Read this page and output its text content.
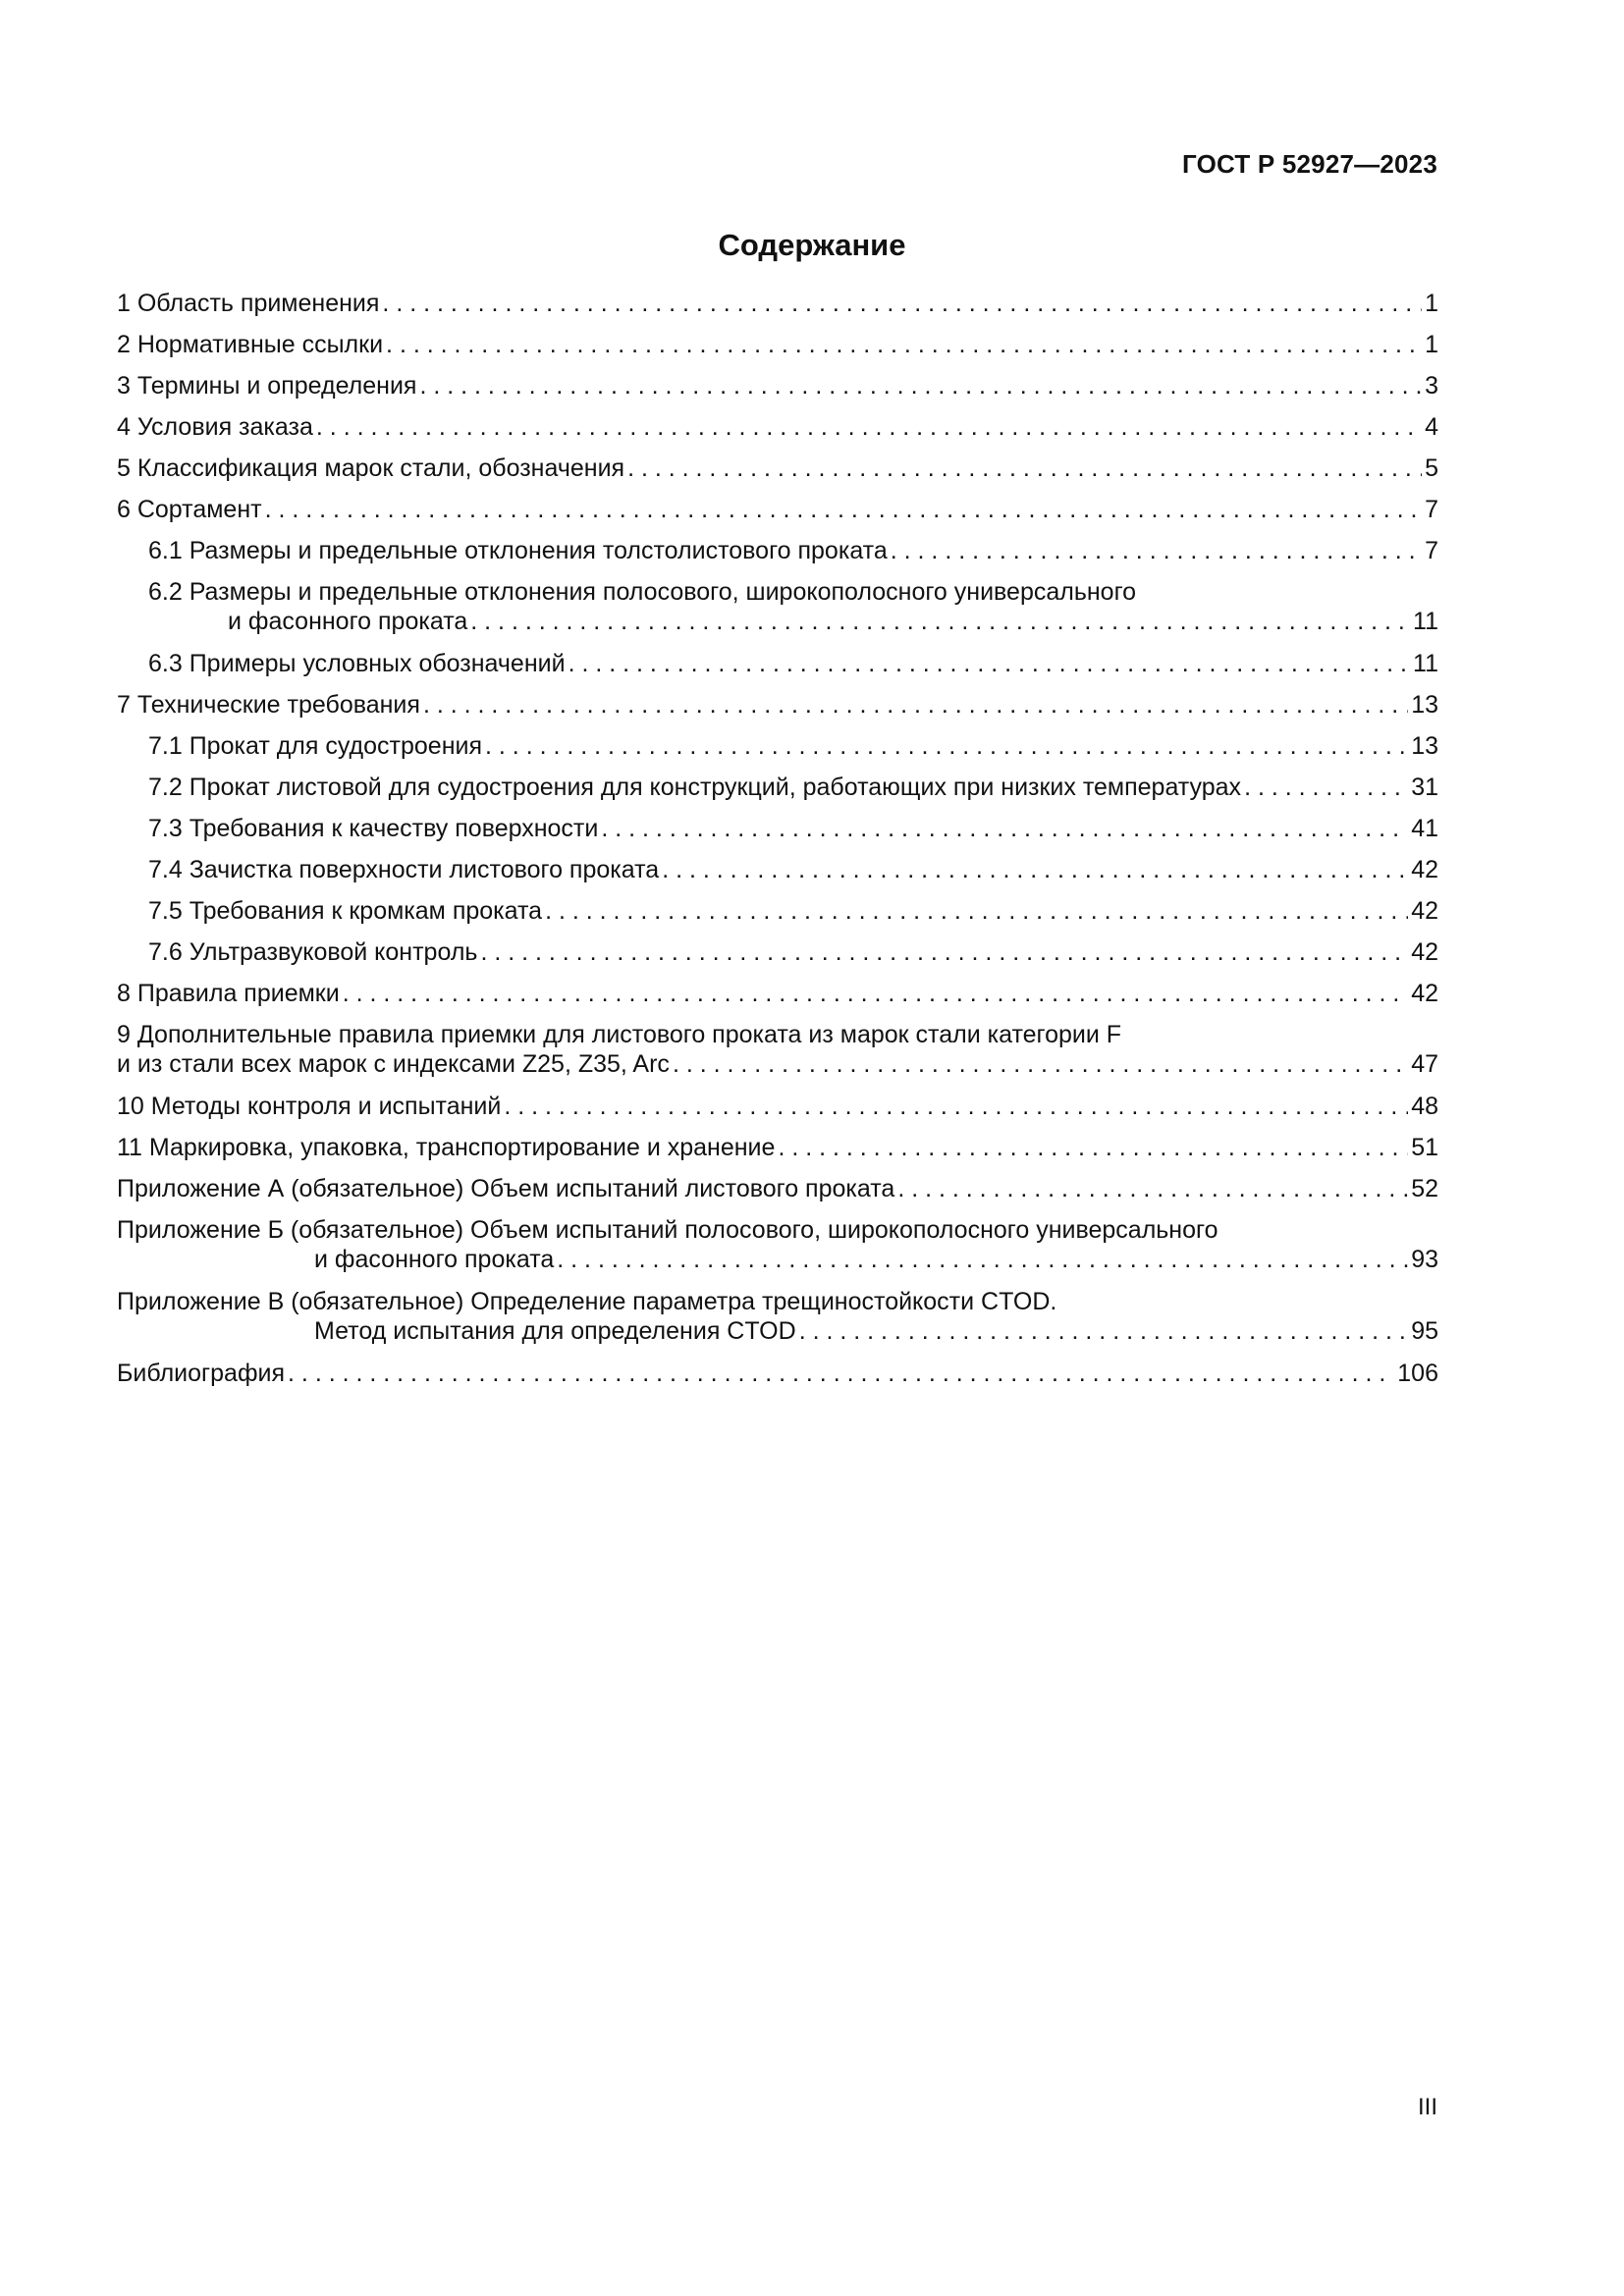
ГОСТ Р 52927—2023
Содержание
1 Область применения . . .	1
2 Нормативные ссылки . . .	1
3 Термины и определения . . .	3
4 Условия заказа . . .	4
5 Классификация марок стали, обозначения . . .	5
6 Сортамент . . .	7
6.1 Размеры и предельные отклонения толстолистового проката . . .	7
6.2 Размеры и предельные отклонения полосового, широкополосного универсального
и фасонного проката . . .	11
6.3 Примеры условных обозначений . . .	11
7 Технические требования . . .	13
7.1 Прокат для судостроения . . .	13
7.2 Прокат листовой для судостроения для конструкций, работающих при низких температурах . . .	31
7.3 Требования к качеству поверхности . . .	41
7.4 Зачистка поверхности листового проката . . .	42
7.5 Требования к кромкам проката . . .	42
7.6 Ультразвуковой контроль . . .	42
8 Правила приемки . . .	42
9 Дополнительные правила приемки для листового проката из марок стали категории F
и из стали всех марок с индексами Z25, Z35, Arc . . .	47
10 Методы контроля и испытаний . . .	48
11 Маркировка, упаковка, транспортирование и хранение . . .	51
Приложение А (обязательное) Объем испытаний листового проката . . .	52
Приложение Б (обязательное) Объем испытаний полосового, широкополосного универсального
и фасонного проката . . .	93
Приложение В (обязательное) Определение параметра трещиностойкости CTOD.
Метод испытания для определения CTOD . . .	95
Библиография . . .	106
III
